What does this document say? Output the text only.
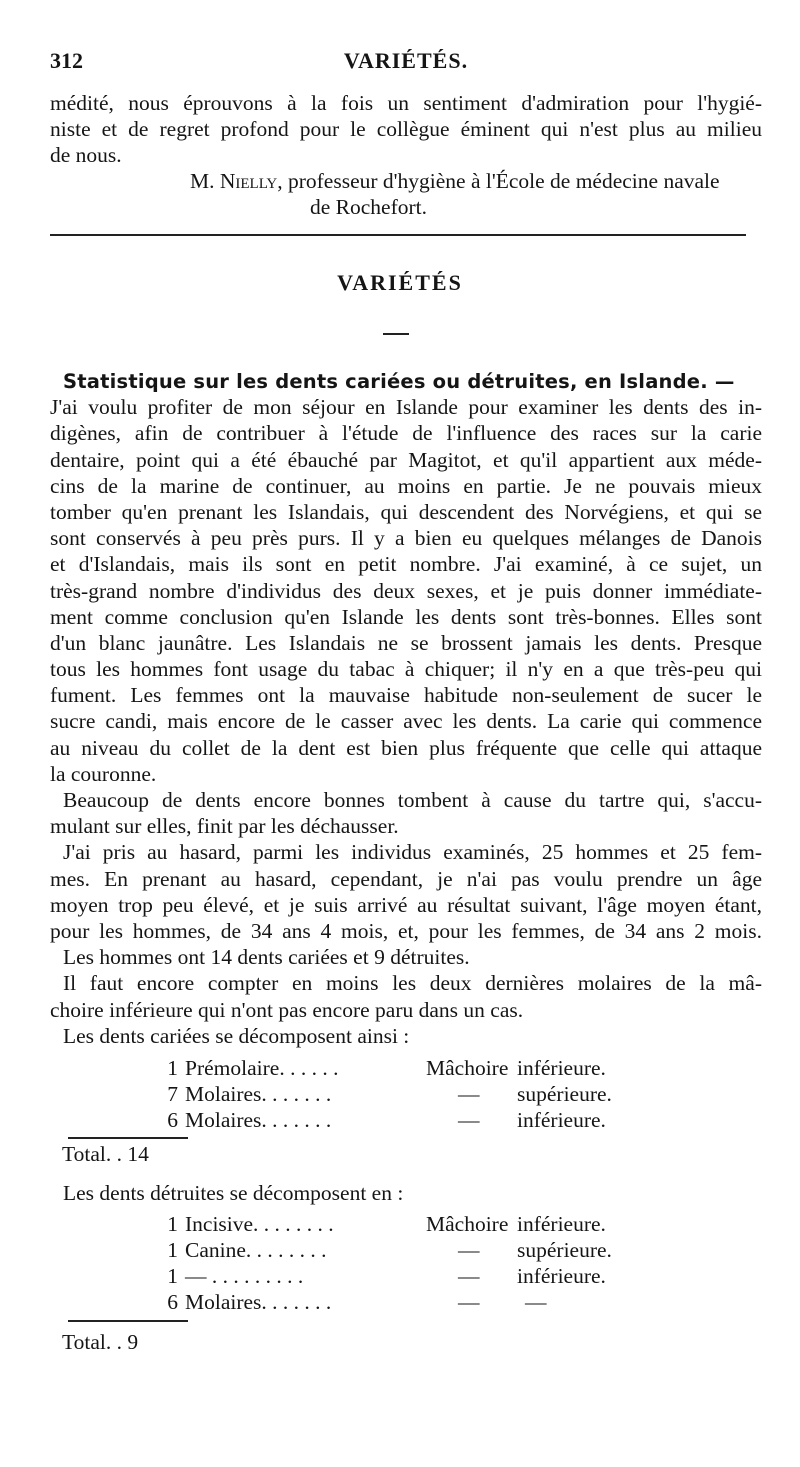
312	VARIÉTÉS.
médité, nous éprouvons à la fois un sentiment d'admiration pour l'hygié-
niste et de regret profond pour le collègue éminent qui n'est plus au milieu
de nous.
M. Nielly, professeur d'hygiène à l'École de médecine navale
de Rochefort.
VARIÉTÉS
Statistique sur les dents cariées ou détruites, en Islande. —
J'ai voulu profiter de mon séjour en Islande pour examiner les dents des in-
digènes, afin de contribuer à l'étude de l'influence des races sur la carie
dentaire, point qui a été ébauché par Magitot, et qu'il appartient aux méde-
cins de la marine de continuer, au moins en partie. Je ne pouvais mieux
tomber qu'en prenant les Islandais, qui descendent des Norvégiens, et qui se
sont conservés à peu près purs. Il y a bien eu quelques mélanges de Danois
et d'Islandais, mais ils sont en petit nombre. J'ai examiné, à ce sujet, un
très-grand nombre d'individus des deux sexes, et je puis donner immédiate-
ment comme conclusion qu'en Islande les dents sont très-bonnes. Elles sont
d'un blanc jaunâtre. Les Islandais ne se brossent jamais les dents. Presque
tous les hommes font usage du tabac à chiquer; il n'y en a que très-peu qui
fument. Les femmes ont la mauvaise habitude non-seulement de sucer le
sucre candi, mais encore de le casser avec les dents. La carie qui commence
au niveau du collet de la dent est bien plus fréquente que celle qui attaque
la couronne.
Beaucoup de dents encore bonnes tombent à cause du tartre qui, s'accu-
mulant sur elles, finit par les déchausser.
J'ai pris au hasard, parmi les individus examinés, 25 hommes et 25 fem-
mes. En prenant au hasard, cependant, je n'ai pas voulu prendre un âge
moyen trop peu élevé, et je suis arrivé au résultat suivant, l'âge moyen étant,
pour les hommes, de 34 ans 4 mois, et, pour les femmes, de 34 ans 2 mois.
Les hommes ont 14 dents cariées et 9 détruites.
Il faut encore compter en moins les deux dernières molaires de la mâ-
choire inférieure qui n'ont pas encore paru dans un cas.
Les dents cariées se décomposent ainsi :
1 Prémolaire. . . . . .	Mâchoire inférieure.
7 Molaires. . . . . . .	— supérieure.
6 Molaires. . . . . . .	— inférieure.
Total. . 14
Les dents détruites se décomposent en :
1 Incisive. . . . . . . .	Mâchoire inférieure.
1 Canine. . . . . . . .	— supérieure.
1 — . . . . . . . . .	— inférieure.
6 Molaires. . . . . . .	— —
Total. . 9
